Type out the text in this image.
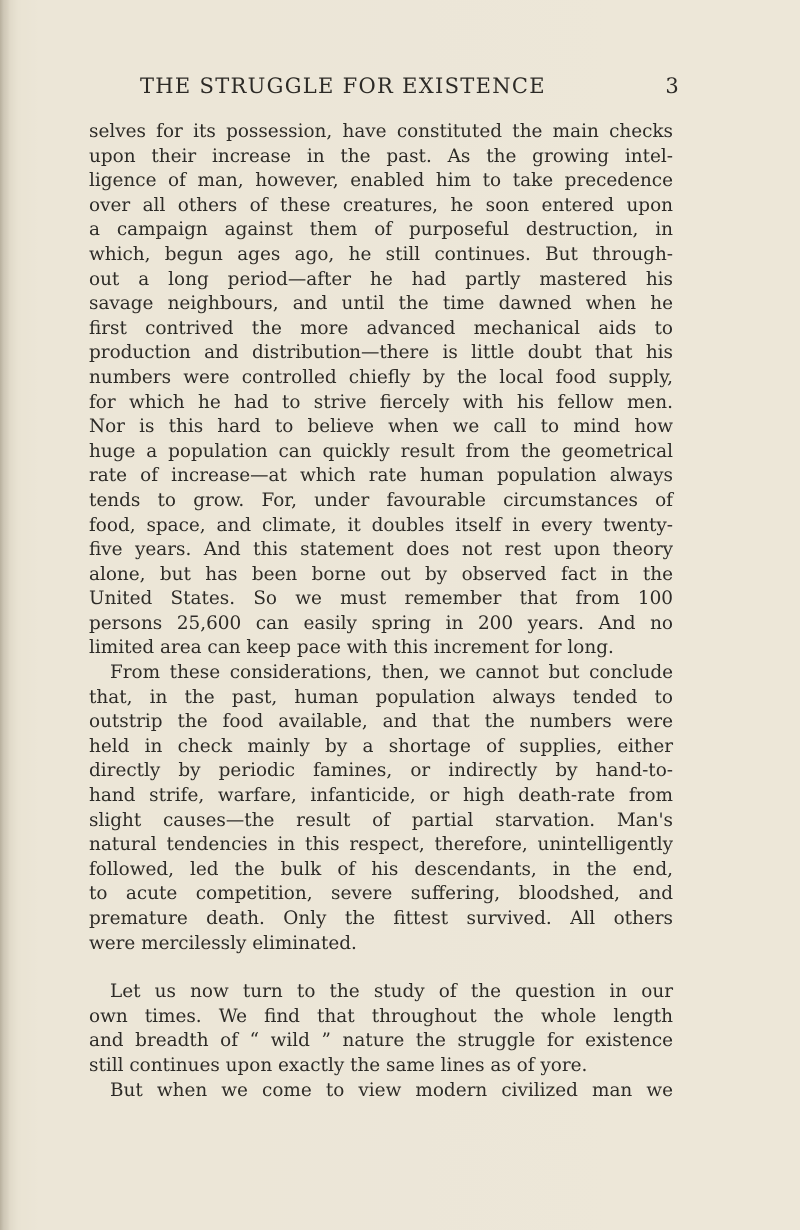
THE STRUGGLE FOR EXISTENCE	3
selves for its possession, have constituted the main checks
upon their increase in the past. As the growing intel-
ligence of man, however, enabled him to take precedence
over all others of these creatures, he soon entered upon
a campaign against them of purposeful destruction, in
which, begun ages ago, he still continues. But through-
out a long period—after he had partly mastered his
savage neighbours, and until the time dawned when he
first contrived the more advanced mechanical aids to
production and distribution—there is little doubt that his
numbers were controlled chiefly by the local food supply,
for which he had to strive fiercely with his fellow men.
Nor is this hard to believe when we call to mind how
huge a population can quickly result from the geometrical
rate of increase—at which rate human population always
tends to grow. For, under favourable circumstances of
food, space, and climate, it doubles itself in every twenty-
five years. And this statement does not rest upon theory
alone, but has been borne out by observed fact in the
United States. So we must remember that from 100
persons 25,600 can easily spring in 200 years. And no
limited area can keep pace with this increment for long.
From these considerations, then, we cannot but conclude
that, in the past, human population always tended to
outstrip the food available, and that the numbers were
held in check mainly by a shortage of supplies, either
directly by periodic famines, or indirectly by hand-to-
hand strife, warfare, infanticide, or high death-rate from
slight causes—the result of partial starvation. Man's
natural tendencies in this respect, therefore, unintelligently
followed, led the bulk of his descendants, in the end,
to acute competition, severe suffering, bloodshed, and
premature death. Only the fittest survived. All others
were mercilessly eliminated.
Let us now turn to the study of the question in our
own times. We find that throughout the whole length
and breadth of “ wild ” nature the struggle for existence
still continues upon exactly the same lines as of yore.
But when we come to view modern civilized man we
